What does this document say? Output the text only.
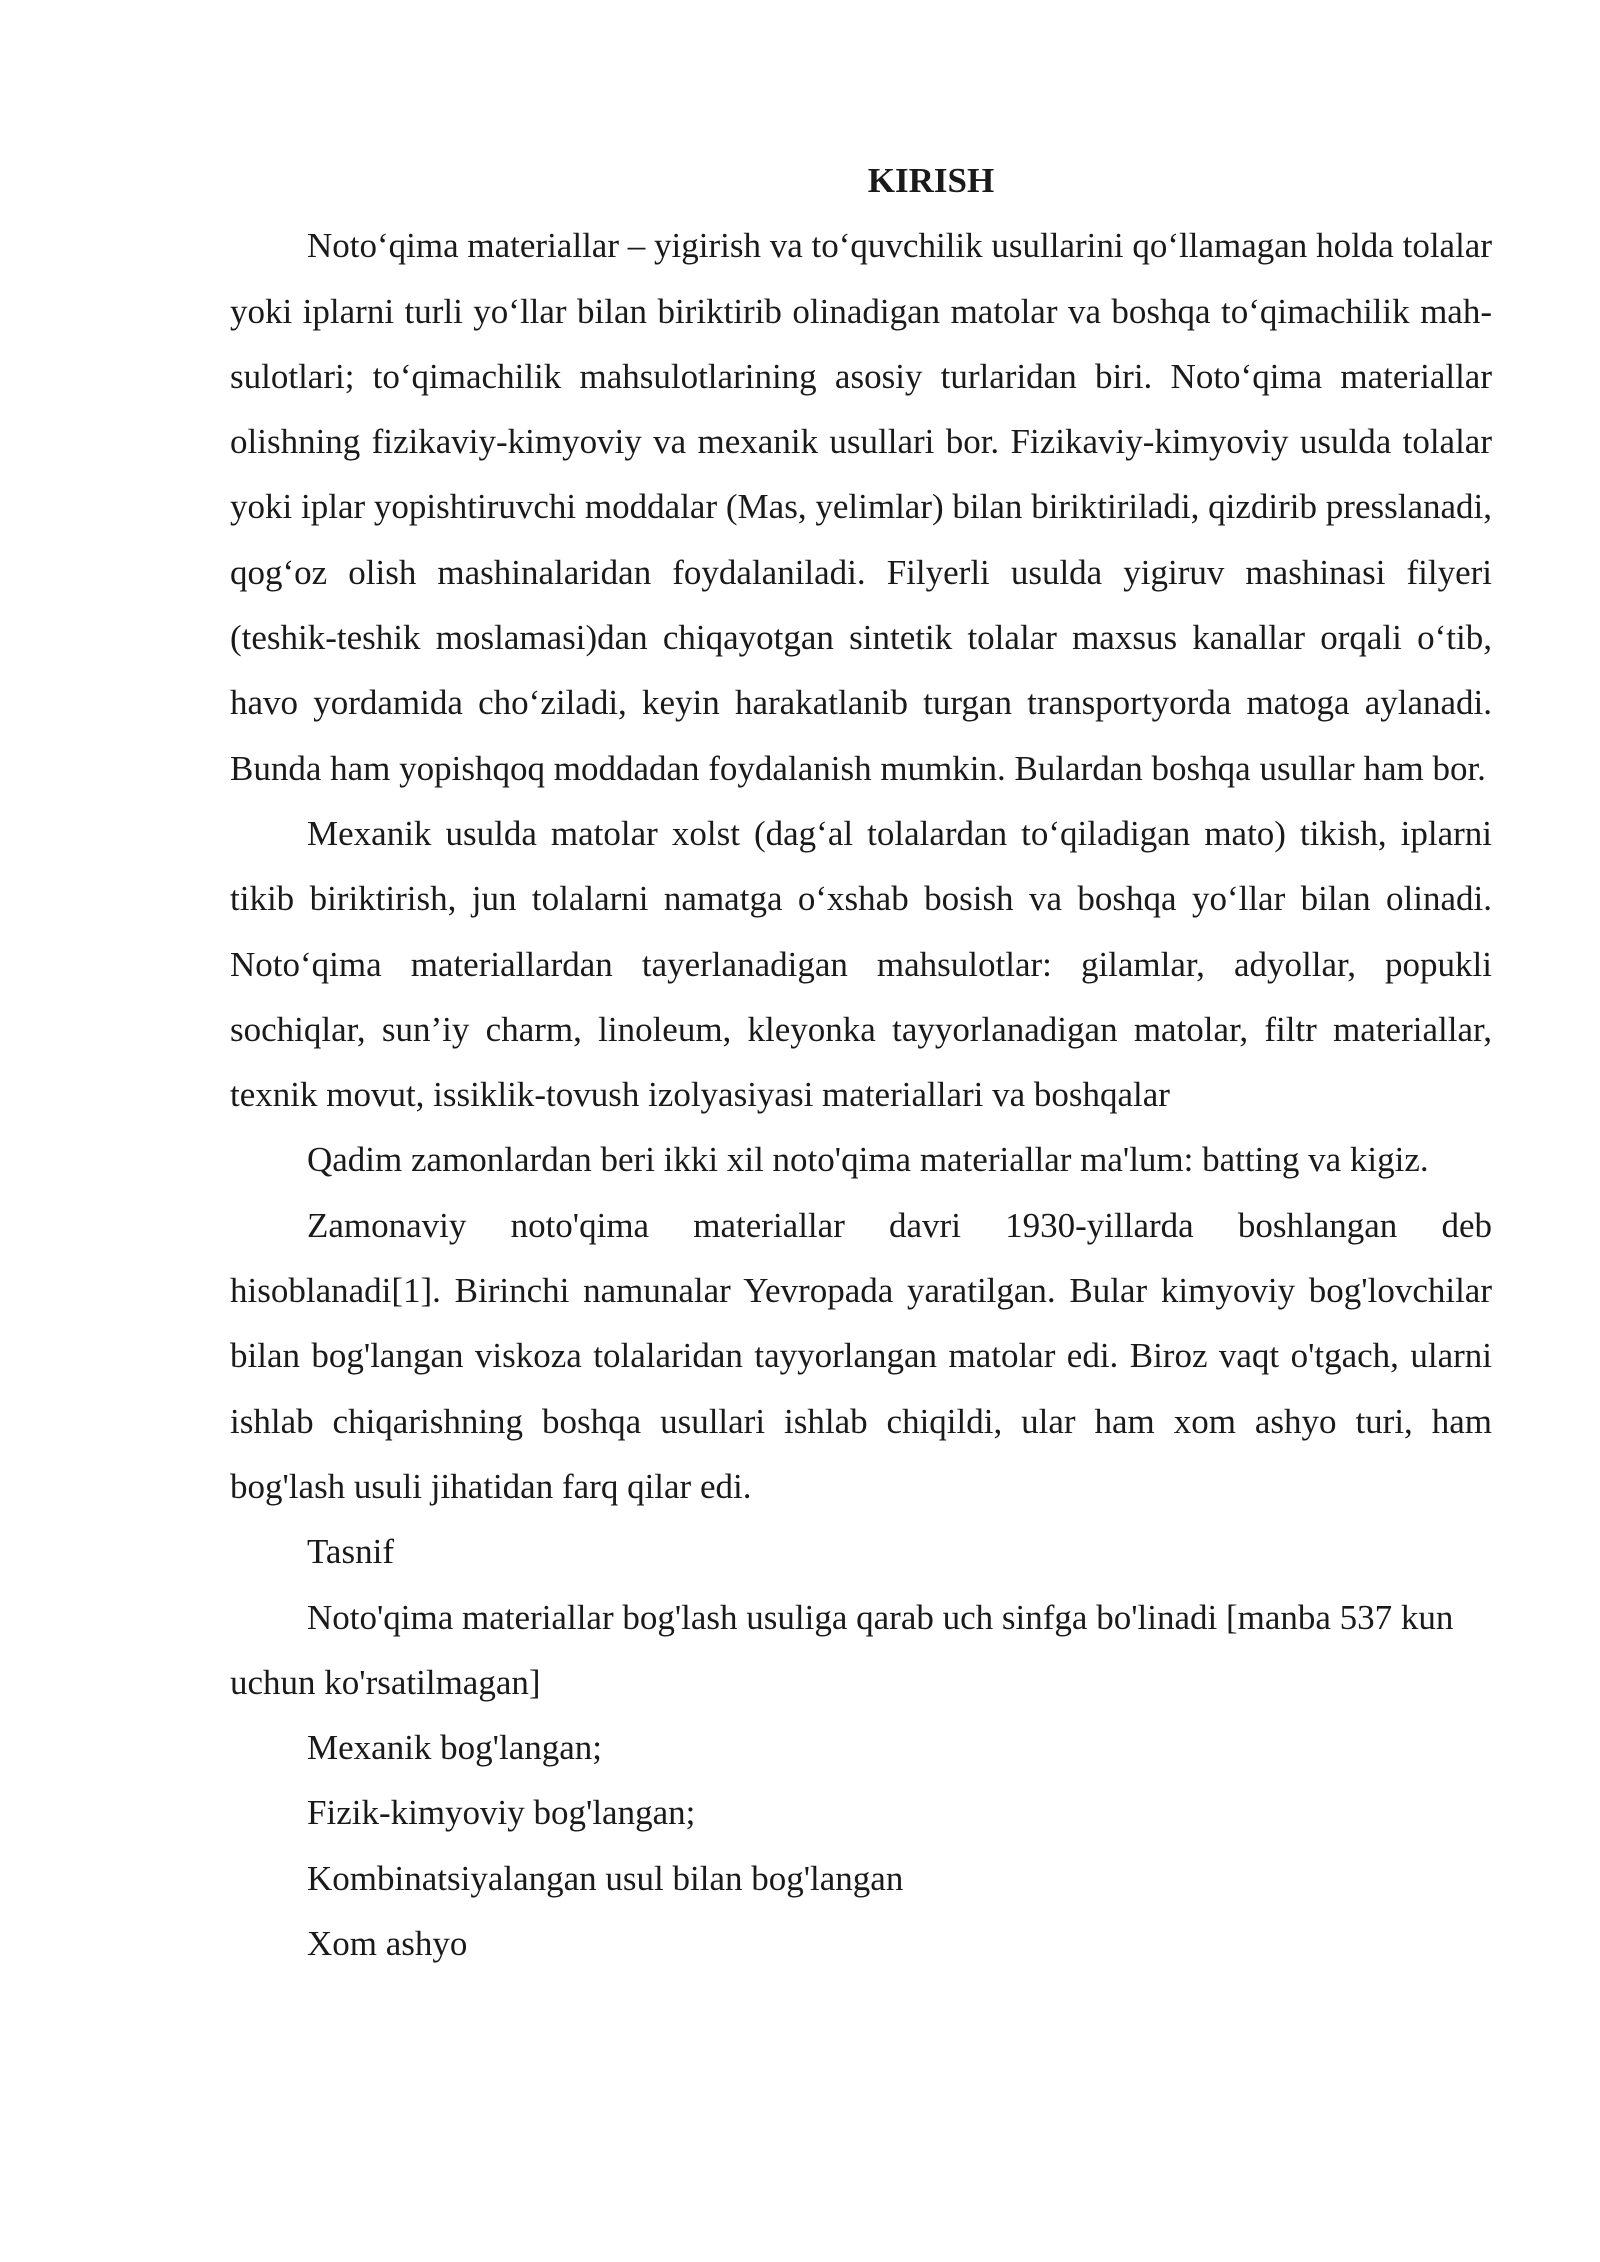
KIRISH

Noto‘qima materiallar – yigirish va to‘quvchilik usullarini qo‘llamagan holda tolalar yoki iplarni turli yo‘llar bilan biriktirib olinadigan matolar va boshqa to‘qimachilik mah-sulotlari; to‘qimachilik mahsulotlarining asosiy turlaridan biri. Noto‘qima materiallar olishning fizikaviy-kimyoviy va mexanik usullari bor. Fizikaviy-kimyoviy usulda tolalar yoki iplar yopishtiruvchi moddalar (Mas, yelimlar) bilan biriktiriladi, qizdirib presslanadi, qog‘oz olish mashinalaridan foydalaniladi. Filyerli usulda yigiruv mashinasi filyeri (teshik-teshik moslamasi)dan chiqayotgan sintetik tolalar maxsus kanallar orqali o‘tib, havo yordamida cho‘ziladi, keyin harakatlanib turgan transportyorda matoga aylanadi. Bunda ham yopishqoq moddadan foydalanish mumkin. Bulardan boshqa usullar ham bor.

Mexanik usulda matolar xolst (dag‘al tolalardan to‘qiladigan mato) tikish, iplarni tikib biriktirish, jun tolalarni namatga o‘xshab bosish va boshqa yo‘llar bilan olinadi. Noto‘qima materiallardan tayerlanadigan mahsulotlar: gilamlar, adyollar, popukli sochiqlar, sun’iy charm, linoleum, kleyonka tayyorlanadigan matolar, filtr materiallar, texnik movut, issiklik-tovush izolyasiyasi materiallari va boshqalar

Qadim zamonlardan beri ikki xil noto'qima materiallar ma'lum: batting va kigiz.

Zamonaviy noto'qima materiallar davri 1930-yillarda boshlangan deb hisoblanadi[1]. Birinchi namunalar Yevropada yaratilgan. Bular kimyoviy bog'lovchilar bilan bog'langan viskoza tolalaridan tayyorlangan matolar edi. Biroz vaqt o'tgach, ularni ishlab chiqarishning boshqa usullari ishlab chiqildi, ular ham xom ashyo turi, ham bog'lash usuli jihatidan farq qilar edi.

Tasnif

Noto'qima materiallar bog'lash usuliga qarab uch sinfga bo'linadi [manba 537 kun uchun ko'rsatilmagan]

Mexanik bog'langan;

Fizik-kimyoviy bog'langan;

Kombinatsiyalangan usul bilan bog'langan

Xom ashyo
